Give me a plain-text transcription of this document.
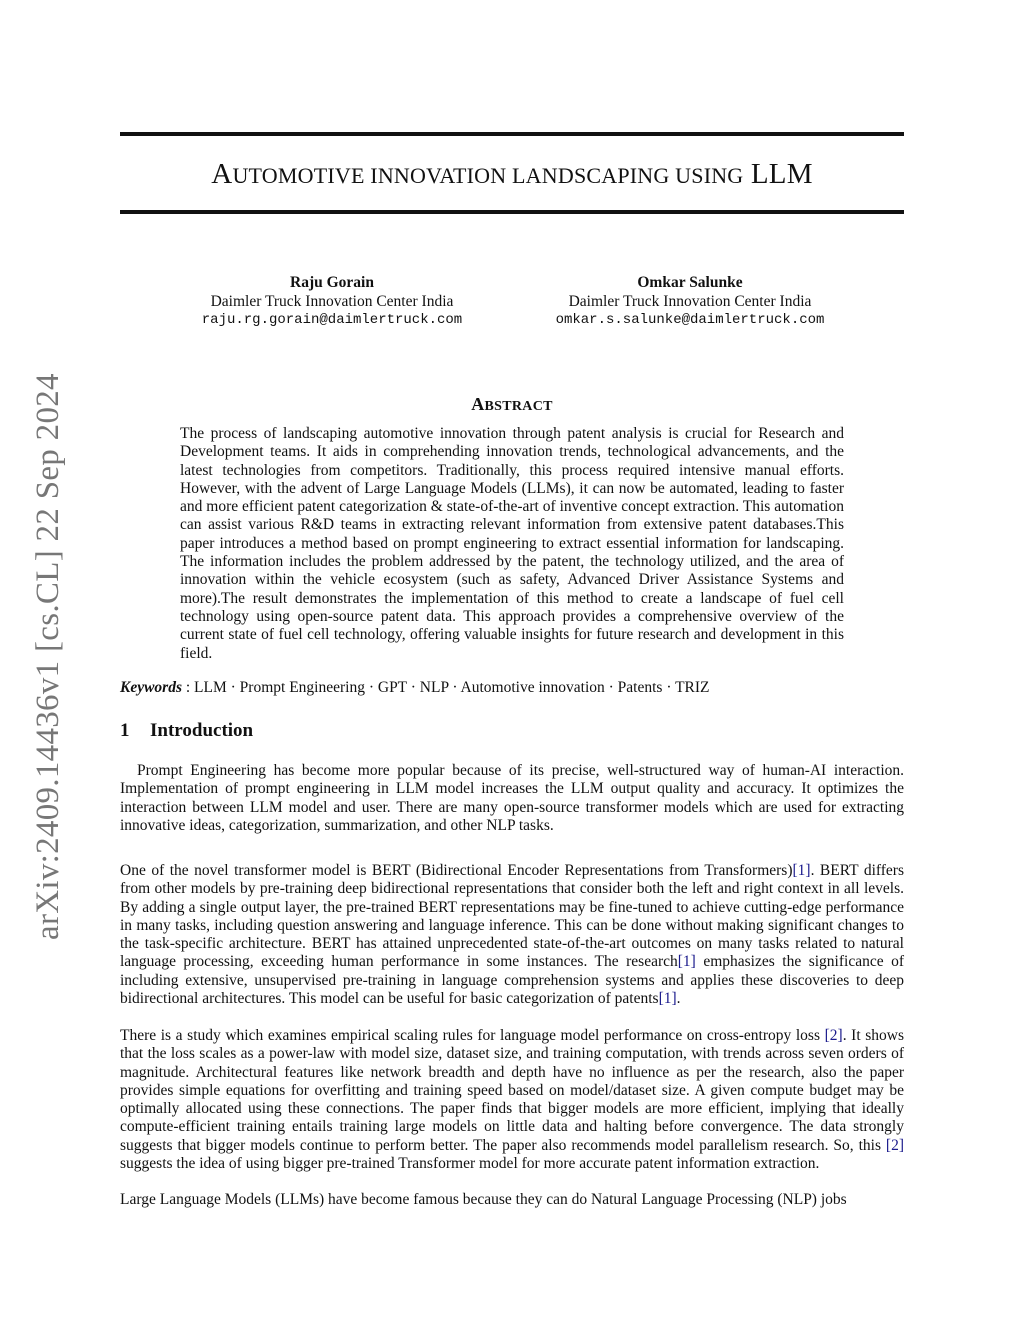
arXiv:2409.14436v1 [cs.CL] 22 Sep 2024
AUTOMOTIVE INNOVATION LANDSCAPING USING LLM
Raju Gorain
Daimler Truck Innovation Center India
raju.rg.gorain@daimlertruck.com
Omkar Salunke
Daimler Truck Innovation Center India
omkar.s.salunke@daimlertruck.com
ABSTRACT

The process of landscaping automotive innovation through patent analysis is crucial for Research and Development teams. It aids in comprehending innovation trends, technological advancements, and the latest technologies from competitors. Traditionally, this process required intensive manual efforts. However, with the advent of Large Language Models (LLMs), it can now be automated, leading to faster and more efficient patent categorization & state-of-the-art of inventive concept extraction. This automation can assist various R&D teams in extracting relevant information from extensive patent databases.This paper introduces a method based on prompt engineering to extract essential information for landscaping. The information includes the problem addressed by the patent, the technology utilized, and the area of innovation within the vehicle ecosystem (such as safety, Advanced Driver Assistance Systems and more).The result demonstrates the implementation of this method to create a landscape of fuel cell technology using open-source patent data. This approach provides a comprehensive overview of the current state of fuel cell technology, offering valuable insights for future research and development in this field.

Keywords : LLM · Prompt Engineering · GPT · NLP · Automotive innovation · Patents · TRIZ
1 Introduction

Prompt Engineering has become more popular because of its precise, well-structured way of human-AI interaction. Implementation of prompt engineering in LLM model increases the LLM output quality and accuracy. It optimizes the interaction between LLM model and user. There are many open-source transformer models which are used for extracting innovative ideas, categorization, summarization, and other NLP tasks.

One of the novel transformer model is BERT (Bidirectional Encoder Representations from Transformers)[1]. BERT differs from other models by pre-training deep bidirectional representations that consider both the left and right context in all levels. By adding a single output layer, the pre-trained BERT representations may be fine-tuned to achieve cutting-edge performance in many tasks, including question answering and language inference. This can be done without making significant changes to the task-specific architecture. BERT has attained unprecedented state-of-the-art outcomes on many tasks related to natural language processing, exceeding human performance in some instances. The research[1] emphasizes the significance of including extensive, unsupervised pre-training in language comprehension systems and applies these discoveries to deep bidirectional architectures. This model can be useful for basic categorization of patents[1].

There is a study which examines empirical scaling rules for language model performance on cross-entropy loss [2]. It shows that the loss scales as a power-law with model size, dataset size, and training computation, with trends across seven orders of magnitude. Architectural features like network breadth and depth have no influence as per the research, also the paper provides simple equations for overfitting and training speed based on model/dataset size. A given compute budget may be optimally allocated using these connections. The paper finds that bigger models are more efficient, implying that ideally compute-efficient training entails training large models on little data and halting before convergence. The data strongly suggests that bigger models continue to perform better. The paper also recommends model parallelism research. So, this [2] suggests the idea of using bigger pre-trained Transformer model for more accurate patent information extraction.

Large Language Models (LLMs) have become famous because they can do Natural Language Processing (NLP) jobs
